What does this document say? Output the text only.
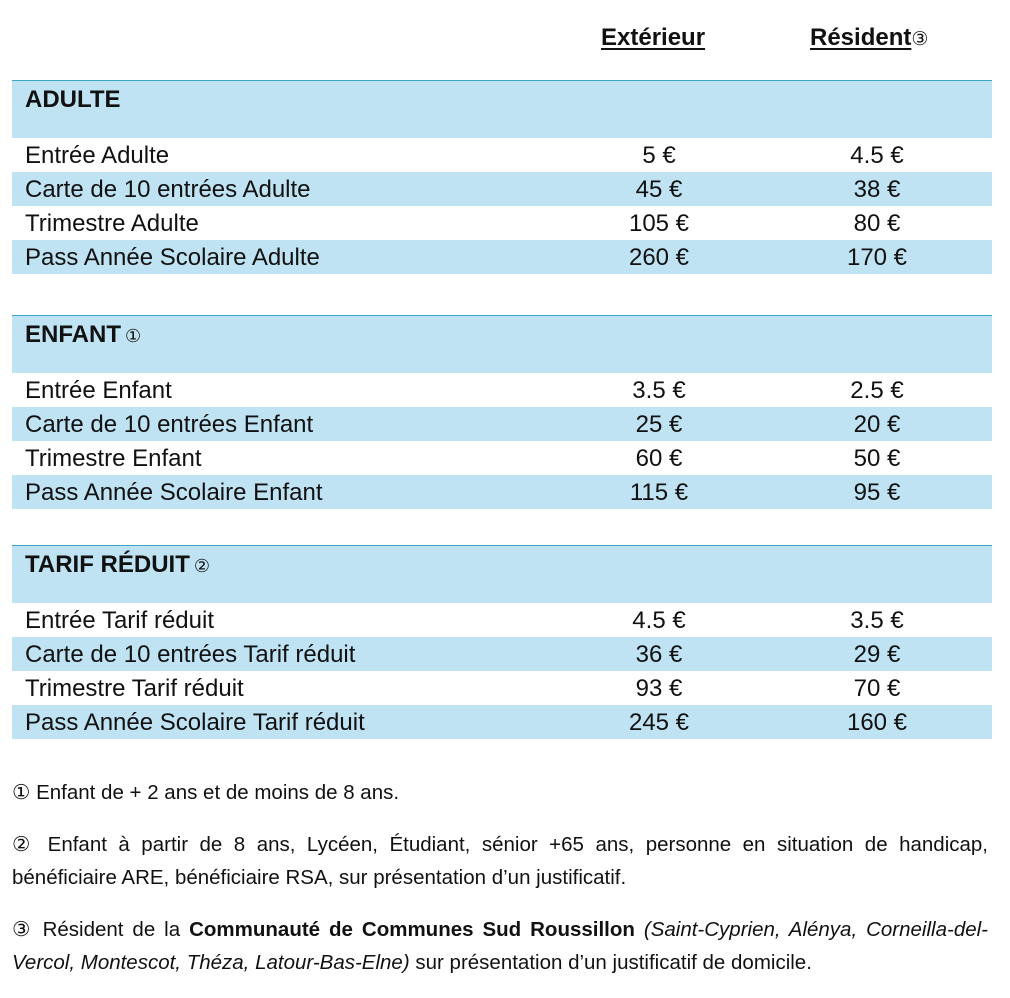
Extérieur	Résident③
ADULTE
Entrée Adulte	5 €	4.5 €
Carte de 10 entrées Adulte	45 €	38 €
Trimestre Adulte	105 €	80 €
Pass Année Scolaire Adulte	260 €	170 €
ENFANT ①
Entrée Enfant	3.5 €	2.5 €
Carte de 10 entrées Enfant	25 €	20 €
Trimestre Enfant	60 €	50 €
Pass Année Scolaire Enfant	115 €	95 €
TARIF RÉDUIT ②
Entrée Tarif réduit	4.5 €	3.5 €
Carte de 10 entrées Tarif réduit	36 €	29 €
Trimestre Tarif réduit	93 €	70 €
Pass Année Scolaire Tarif réduit	245 €	160 €

① Enfant de + 2 ans et de moins de 8 ans.

② Enfant à partir de 8 ans, Lycéen, Étudiant, sénior +65 ans, personne en situation de handicap, bénéficiaire ARE, bénéficiaire RSA, sur présentation d’un justificatif.

③ Résident de la Communauté de Communes Sud Roussillon (Saint-Cyprien, Alénya, Corneilla-del-Vercol, Montescot, Théza, Latour-Bas-Elne) sur présentation d’un justificatif de domicile.
